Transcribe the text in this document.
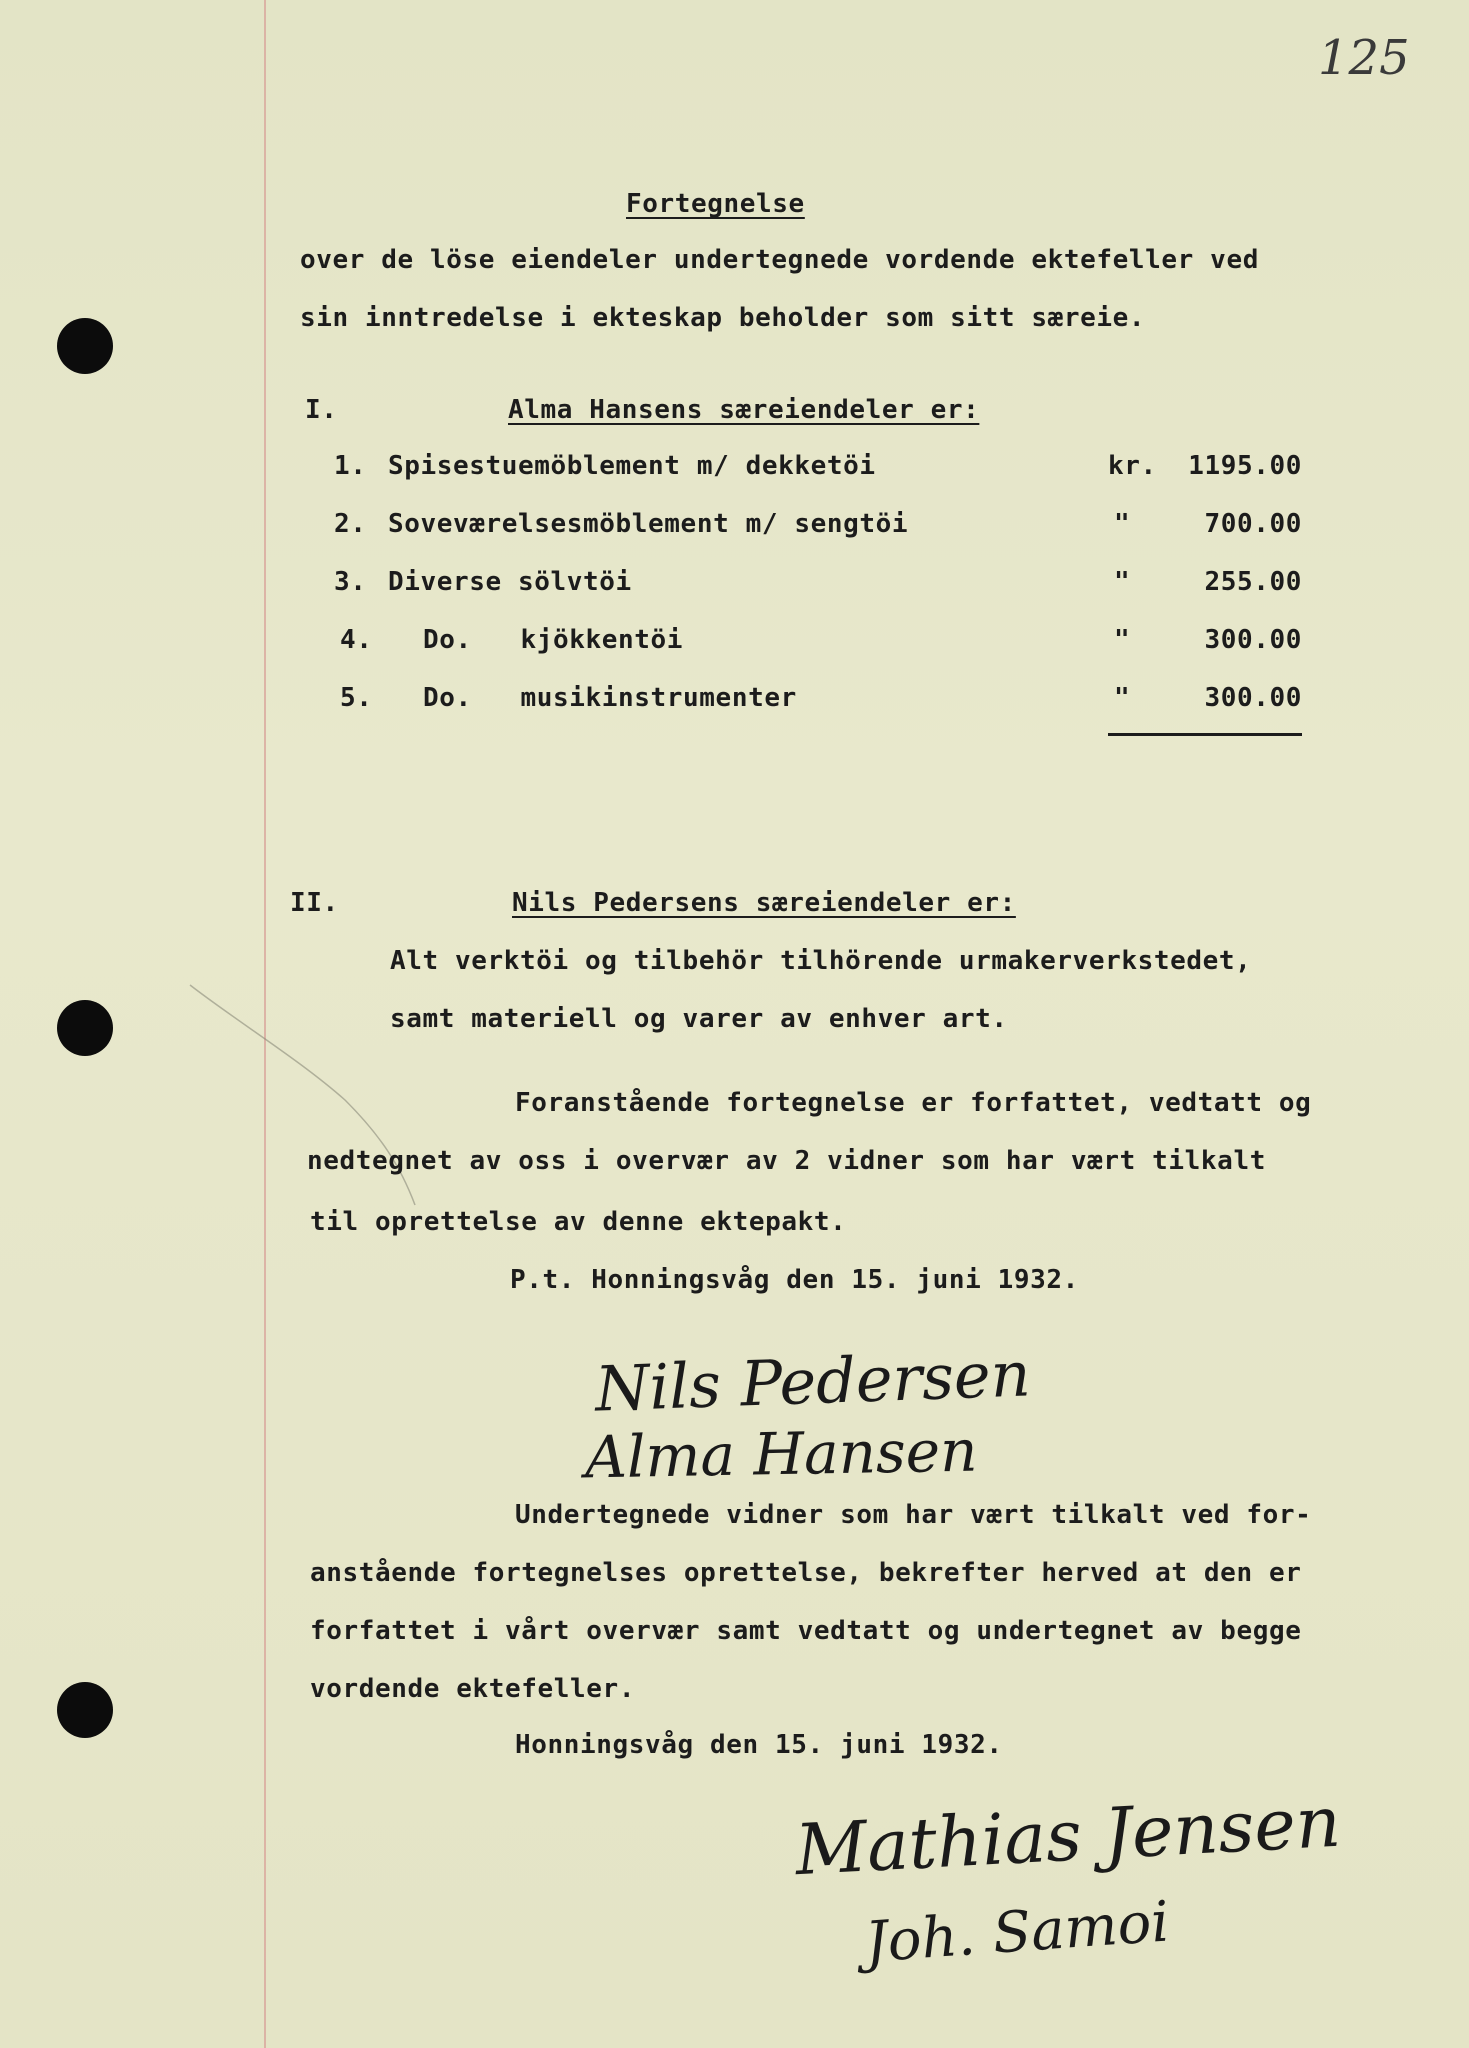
125
Fortegnelse
over de löse eiendeler undertegnede vordende ektefeller ved
sin inntredelse i ekteskap beholder som sitt særeie.
I.	Alma Hansens særeiendeler er:
1. Spisestuemöblement m/ dekketöi	kr.	1195.00
2. Soveværelsesmöblement m/ sengtöi	"	700.00
3. Diverse sölvtöi	"	255.00
4. Do.   kjökkentöi	"	300.00
5. Do.   musikinstrumenter	"	300.00
II.	Nils Pedersens særeiendeler er:
Alt verktöi og tilbehör tilhörende urmakerverkstedet,
samt materiell og varer av enhver art.
Foranstående fortegnelse er forfattet, vedtatt og
nedtegnet av oss i overvær av 2 vidner som har vært tilkalt
til oprettelse av denne ektepakt.
P.t. Honningsvåg den 15. juni 1932.
Nils Pedersen
Alma Hansen
Undertegnede vidner som har vært tilkalt ved for-
anstående fortegnelses oprettelse, bekrefter herved at den er
forfattet i vårt overvær samt vedtatt og undertegnet av begge
vordende ektefeller.
Honningsvåg den 15. juni 1932.
Mathias Jensen
Joh. Samoi
